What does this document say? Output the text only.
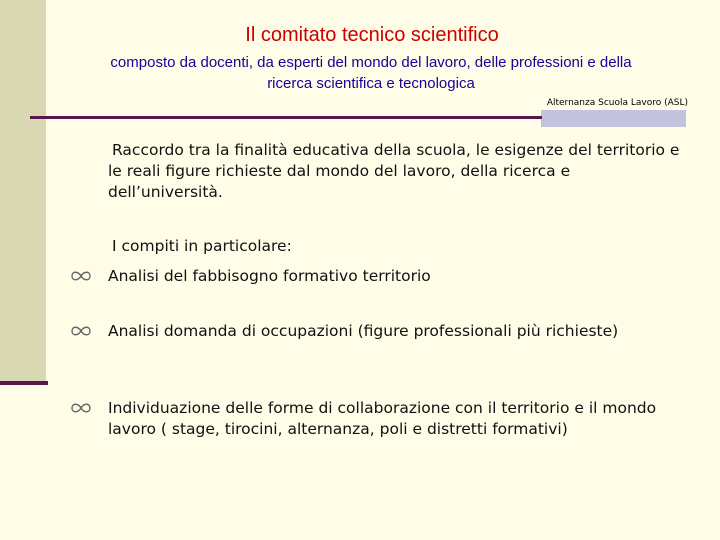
Il comitato tecnico scientifico
composto da docenti, da esperti del mondo del lavoro, delle professioni e della ricerca scientifica e tecnologica
Alternanza Scuola Lavoro (ASL)
Raccordo tra la finalità educativa della scuola, le esigenze del territorio e le reali figure richieste dal mondo del lavoro, della ricerca e dell’università.
I compiti in particolare:
Analisi del fabbisogno formativo territorio
Analisi domanda di occupazioni (figure professionali più richieste)
Individuazione delle forme di collaborazione con il territorio e il mondo lavoro ( stage, tirocini, alternanza, poli e distretti formativi)
